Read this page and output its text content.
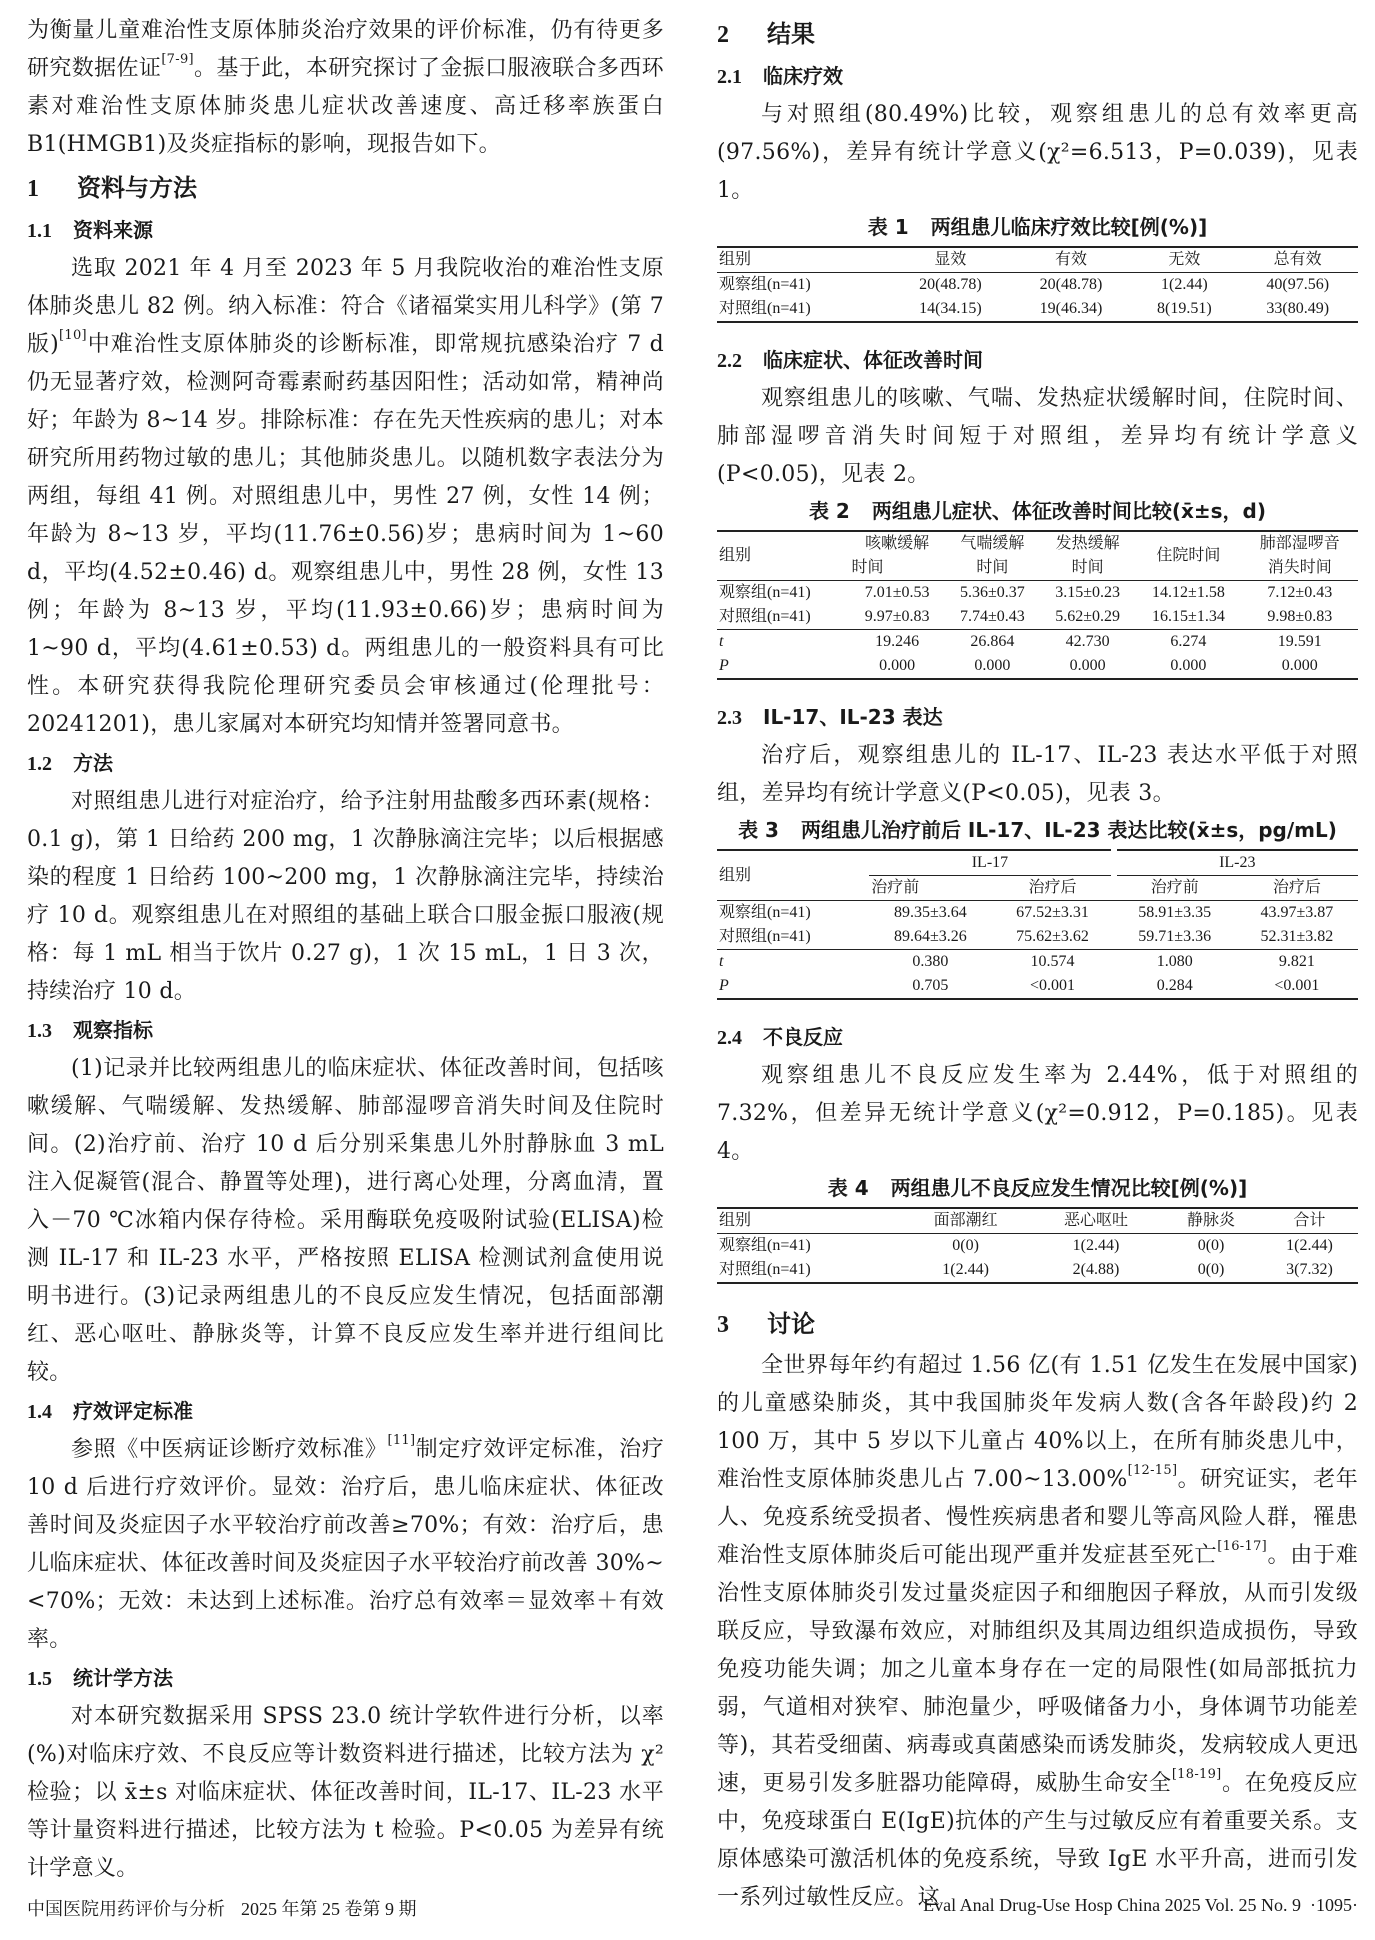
为衡量儿童难治性支原体肺炎治疗效果的评价标准，仍有待更多研究数据佐证[7-9]。基于此，本研究探讨了金振口服液联合多西环素对难治性支原体肺炎患儿症状改善速度、高迁移率族蛋白 B1(HMGB1)及炎症指标的影响，现报告如下。

1 资料与方法
1.1 资料来源

选取 2021 年 4 月至 2023 年 5 月我院收治的难治性支原体肺炎患儿 82 例。纳入标准：符合《诸福棠实用儿科学》(第 7 版)[10]中难治性支原体肺炎的诊断标准，即常规抗感染治疗 7 d 仍无显著疗效，检测阿奇霉素耐药基因阳性；活动如常，精神尚好；年龄为 8~14 岁。排除标准：存在先天性疾病的患儿；对本研究所用药物过敏的患儿；其他肺炎患儿。以随机数字表法分为两组，每组 41 例。对照组患儿中，男性 27 例，女性 14 例；年龄为 8~13 岁，平均(11.76±0.56)岁；患病时间为 1~60 d，平均(4.52±0.46) d。观察组患儿中，男性 28 例，女性 13 例；年龄为 8~13 岁，平均(11.93±0.66)岁；患病时间为 1~90 d，平均(4.61±0.53) d。两组患儿的一般资料具有可比性。本研究获得我院伦理研究委员会审核通过(伦理批号：20241201)，患儿家属对本研究均知情并签署同意书。

1.2 方法

对照组患儿进行对症治疗，给予注射用盐酸多西环素(规格：0.1 g)，第 1 日给药 200 mg，1 次静脉滴注完毕；以后根据感染的程度 1 日给药 100~200 mg，1 次静脉滴注完毕，持续治疗 10 d。观察组患儿在对照组的基础上联合口服金振口服液(规格：每 1 mL 相当于饮片 0.27 g)，1 次 15 mL，1 日 3 次，持续治疗 10 d。

1.3 观察指标

(1)记录并比较两组患儿的临床症状、体征改善时间，包括咳嗽缓解、气喘缓解、发热缓解、肺部湿啰音消失时间及住院时间。(2)治疗前、治疗 10 d 后分别采集患儿外肘静脉血 3 mL 注入促凝管(混合、静置等处理)，进行离心处理，分离血清，置入－70 ℃冰箱内保存待检。采用酶联免疫吸附试验(ELISA)检测 IL-17 和 IL-23 水平，严格按照 ELISA 检测试剂盒使用说明书进行。(3)记录两组患儿的不良反应发生情况，包括面部潮红、恶心呕吐、静脉炎等，计算不良反应发生率并进行组间比较。

1.4 疗效评定标准

参照《中医病证诊断疗效标准》[11]制定疗效评定标准，治疗 10 d 后进行疗效评价。显效：治疗后，患儿临床症状、体征改善时间及炎症因子水平较治疗前改善≥70%；有效：治疗后，患儿临床症状、体征改善时间及炎症因子水平较治疗前改善 30%~<70%；无效：未达到上述标准。治疗总有效率＝显效率＋有效率。

1.5 统计学方法

对本研究数据采用 SPSS 23.0 统计学软件进行分析，以率(%)对临床疗效、不良反应等计数资料进行描述，比较方法为 χ² 检验；以 x̄±s 对临床症状、体征改善时间，IL-17、IL-23 水平等计量资料进行描述，比较方法为 t 检验。P<0.05 为差异有统计学意义。

2 结果
2.1 临床疗效

与对照组(80.49%)比较，观察组患儿的总有效率更高(97.56%)，差异有统计学意义(χ²=6.513，P=0.039)，见表 1。

表 1 两组患儿临床疗效比较[例(%)]

组别	显效	有效	无效	总有效
观察组(n=41)	20(48.78)	20(48.78)	1(2.44)	40(97.56)
对照组(n=41)	14(34.15)	19(46.34)	8(19.51)	33(80.49)
2.2 临床症状、体征改善时间

观察组患儿的咳嗽、气喘、发热症状缓解时间，住院时间、肺部湿啰音消失时间短于对照组，差异均有统计学意义(P<0.05)，见表 2。

表 2 两组患儿症状、体征改善时间比较(x̄±s，d)

组别	咳嗽缓解	气喘缓解	发热缓解	住院时间	肺部湿啰音
	时间	时间	时间		消失时间
观察组(n=41)	7.01±0.53	5.36±0.37	3.15±0.23	14.12±1.58	7.12±0.43
对照组(n=41)	9.97±0.83	7.74±0.43	5.62±0.29	16.15±1.34	9.98±0.83
t	19.246	26.864	42.730	6.274	19.591
P	0.000	0.000	0.000	0.000	0.000
2.3 IL-17、IL-23 表达

治疗后，观察组患儿的 IL-17、IL-23 表达水平低于对照组，差异均有统计学意义(P<0.05)，见表 3。

表 3 两组患儿治疗前后 IL-17、IL-23 表达比较(x̄±s，pg/mL)

组别	IL-17		IL-23	
	治疗前	治疗后	治疗前	治疗后
观察组(n=41)	89.35±3.64	67.52±3.31	58.91±3.35	43.97±3.87
对照组(n=41)	89.64±3.26	75.62±3.62	59.71±3.36	52.31±3.82
t	0.380	10.574	1.080	9.821
P	0.705	<0.001	0.284	<0.001
2.4 不良反应

观察组患儿不良反应发生率为 2.44%，低于对照组的 7.32%，但差异无统计学意义(χ²=0.912，P=0.185)。见表 4。

表 4 两组患儿不良反应发生情况比较[例(%)]

组别	面部潮红	恶心呕吐	静脉炎	合计
观察组(n=41)	0(0)	1(2.44)	0(0)	1(2.44)
对照组(n=41)	1(2.44)	2(4.88)	0(0)	3(7.32)
3 讨论

全世界每年约有超过 1.56 亿(有 1.51 亿发生在发展中国家)的儿童感染肺炎，其中我国肺炎年发病人数(含各年龄段)约 2 100 万，其中 5 岁以下儿童占 40%以上，在所有肺炎患儿中，难治性支原体肺炎患儿占 7.00~13.00%[12-15]。研究证实，老年人、免疫系统受损者、慢性疾病患者和婴儿等高风险人群，罹患难治性支原体肺炎后可能出现严重并发症甚至死亡[16-17]。由于难治性支原体肺炎引发过量炎症因子和细胞因子释放，从而引发级联反应，导致瀑布效应，对肺组织及其周边组织造成损伤，导致免疫功能失调；加之儿童本身存在一定的局限性(如局部抵抗力弱，气道相对狭窄、肺泡量少，呼吸储备力小，身体调节功能差等)，其若受细菌、病毒或真菌感染而诱发肺炎，发病较成人更迅速，更易引发多脏器功能障碍，威胁生命安全[18-19]。在免疫反应中，免疫球蛋白 E(IgE)抗体的产生与过敏反应有着重要关系。支原体感染可激活机体的免疫系统，导致 IgE 水平升高，进而引发一系列过敏性反应。这

中国医院用药评价与分析 2025 年第 25 卷第 9 期	Eval Anal Drug-Use Hosp China 2025 Vol. 25 No. 9 ·1095·
